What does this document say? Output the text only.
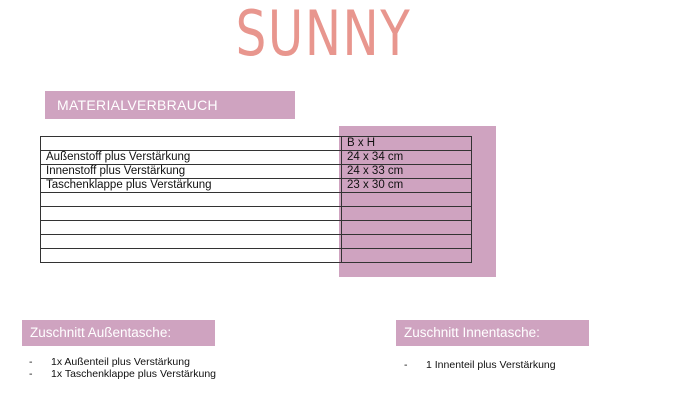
SUNNY
MATERIALVERBRAUCH
	B x H
Außenstoff plus Verstärkung	24 x 34 cm
Innenstoff plus Verstärkung	24 x 33 cm
Taschenklappe plus Verstärkung	23 x 30 cm

Zuschnitt Außentasche:
- 1x Außenteil plus Verstärkung
- 1x Taschenklappe plus Verstärkung
Zuschnitt Innentasche:
- 1 Innenteil plus Verstärkung
